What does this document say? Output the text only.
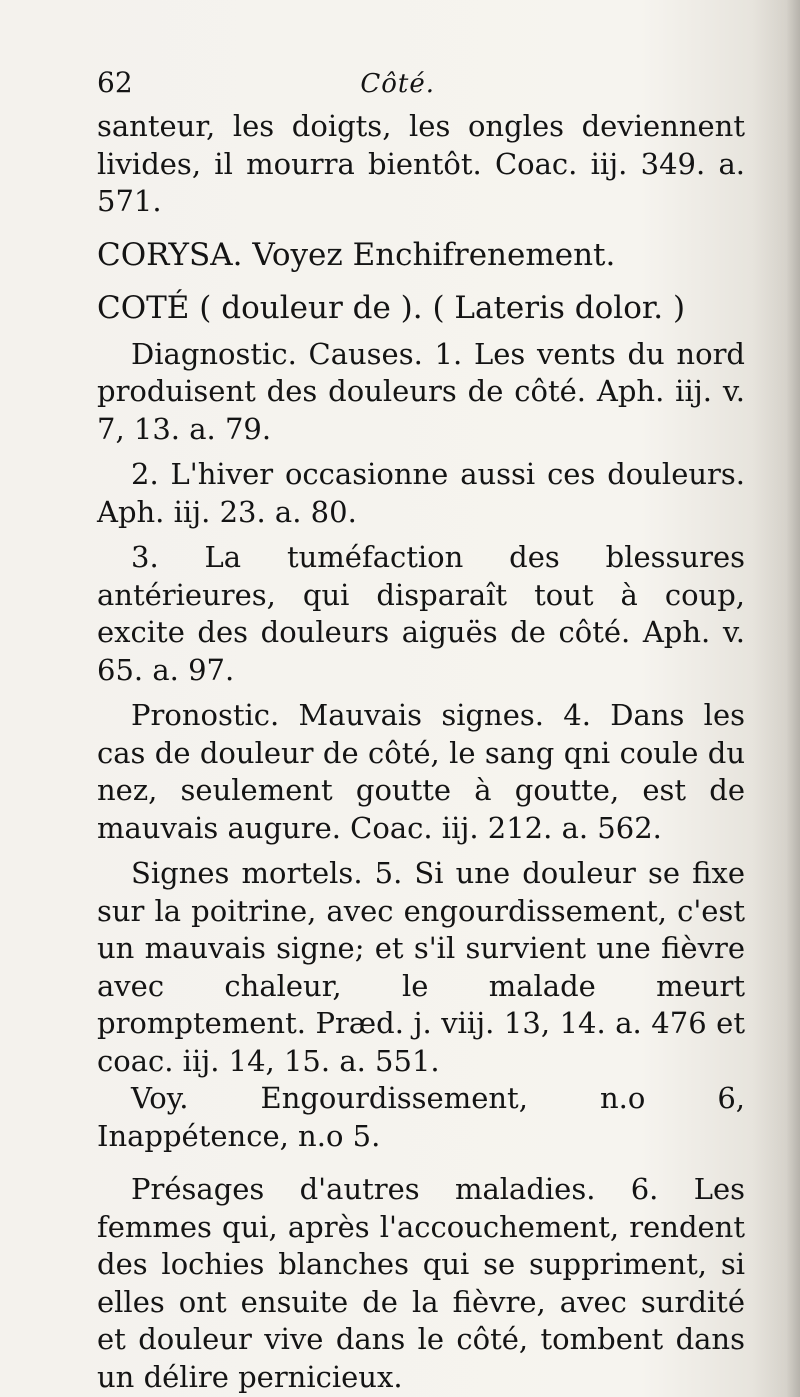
62	Côté.

santeur, les doigts, les ongles deviennent livides, il mourra bientôt. Coac. iij. 349. a. 571.

CORYSA. Voyez Enchifrenement.

COTÉ ( douleur de ). ( Lateris dolor. )

Diagnostic. Causes. 1. Les vents du nord produisent des douleurs de côté. Aph. iij. v. 7, 13. a. 79.

2. L'hiver occasionne aussi ces douleurs. Aph. iij. 23. a. 80.

3. La tuméfaction des blessures antérieures, qui disparaît tout à coup, excite des douleurs aiguës de côté. Aph. v. 65. a. 97.

Pronostic. Mauvais signes. 4. Dans les cas de douleur de côté, le sang qni coule du nez, seulement goutte à goutte, est de mauvais augure. Coac. iij. 212. a. 562.

Signes mortels. 5. Si une douleur se fixe sur la poitrine, avec engourdissement, c'est un mauvais signe; et s'il survient une fièvre avec chaleur, le malade meurt promptement. Præd. j. viij. 13, 14. a. 476 et coac. iij. 14, 15. a. 551.

Voy. Engourdissement, n.o 6, Inappétence, n.o 5.

Présages d'autres maladies. 6. Les femmes qui, après l'accouchement, rendent des lochies blanches qui se suppriment, si elles ont ensuite de la fièvre, avec surdité et douleur vive dans le côté, tombent dans un délire pernicieux.
